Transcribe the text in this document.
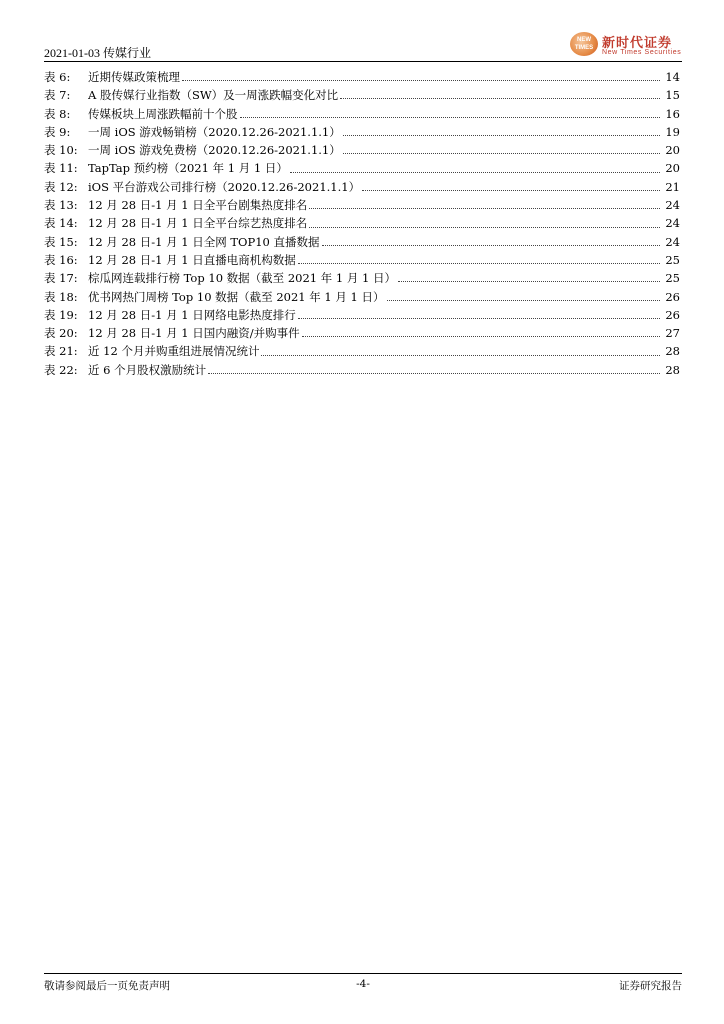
2021-01-03 传媒行业
NEW TIMES 新时代证券
New Times Securities
表 6:	近期传媒政策梳理	14
表 7:	A 股传媒行业指数（SW）及一周涨跌幅变化对比	15
表 8:	传媒板块上周涨跌幅前十个股	16
表 9:	一周 iOS 游戏畅销榜（2020.12.26-2021.1.1）	19
表 10: 一周 iOS 游戏免费榜（2020.12.26-2021.1.1）	20
表 11: TapTap 预约榜（2021 年 1 月 1 日）	20
表 12: iOS 平台游戏公司排行榜（2020.12.26-2021.1.1）	21
表 13: 12 月 28 日-1 月 1 日全平台剧集热度排名	24
表 14: 12 月 28 日-1 月 1 日全平台综艺热度排名	24
表 15: 12 月 28 日-1 月 1 日全网 TOP10 直播数据	24
表 16: 12 月 28 日-1 月 1 日直播电商机构数据	25
表 17: 棕瓜网连载排行榜 Top 10 数据（截至 2021 年 1 月 1 日）	25
表 18: 优书网热门周榜 Top 10 数据（截至 2021 年 1 月 1 日）	26
表 19: 12 月 28 日-1 月 1 日网络电影热度排行	26
表 20: 12 月 28 日-1 月 1 日国内融资/并购事件	27
表 21: 近 12 个月并购重组进展情况统计	28
表 22: 近 6 个月股权激励统计	28
敬请参阅最后一页免责声明	-4-	证券研究报告
